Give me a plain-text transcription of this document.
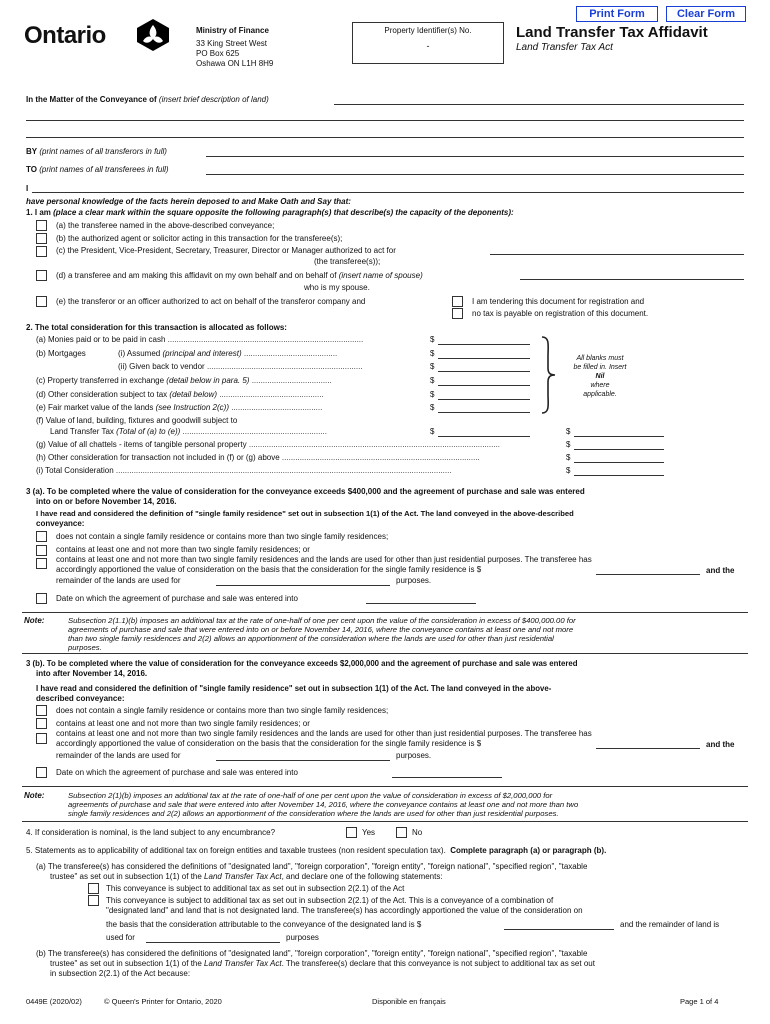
Ontario	Ministry of Finance
33 King Street West
PO Box 625
Oshawa ON L1H 8H9
Property Identifier(s) No.
-
Print Form	Clear Form
Land Transfer Tax Affidavit
Land Transfer Tax Act
In the Matter of the Conveyance of (insert brief description of land)
BY (print names of all transferors in full)
TO (print names of all transferees in full)
I
have personal knowledge of the facts herein deposed to and Make Oath and Say that:
1. I am (place a clear mark within the square opposite the following paragraph(s) that describe(s) the capacity of the deponents):
(a) the transferee named in the above-described conveyance;
(b) the authorized agent or solicitor acting in this transaction for the transferee(s);
(c) the President, Vice-President, Secretary, Treasurer, Director or Manager authorized to act for
(the transferee(s));
(d) a transferee and am making this affidavit on my own behalf and on behalf of (insert name of spouse)
who is my spouse.
(e) the transferor or an officer authorized to act on behalf of the transferor company and	I am tendering this document for registration and
no tax is payable on registration of this document.
2. The total consideration for this transaction is allocated as follows:
(a) Monies paid or to be paid in cash ........................................................................................	$
(b) Mortgages	(i) Assumed (principal and interest) ..........................................	$
(ii) Given back to vendor ......................................................................	$
(c) Property transferred in exchange (detail below in para. 5) ....................................	$
(d) Other consideration subject to tax (detail below) ...............................................	$
(e) Fair market value of the lands (see Instruction 2(c)) .........................................	$
All blanks must
be filled in. Insert
Nil
where
applicable.
(f) Value of land, building, fixtures and goodwill subject to
Land Transfer Tax (Total of (a) to (e)) .................................................................	$	$
(g) Value of all chattels - items of tangible personal property .................................................................................................................	$
(h) Other consideration for transaction not included in (f) or (g) above .........................................................................................	$
(i) Total Consideration .......................................................................................................................................................	$
3 (a). To be completed where the value of consideration for the conveyance exceeds $400,000 and the agreement of purchase and sale was entered
into on or before November 14, 2016.
I have read and considered the definition of "single family residence" set out in subsection 1(1) of the Act. The land conveyed in the above-described
conveyance:
does not contain a single family residence or contains more than two single family residences;
contains at least one and not more than two single family residences; or
contains at least one and not more than two single family residences and the lands are used for other than just residential purposes. The transferee has
accordingly apportioned the value of consideration on the basis that the consideration for the single family residence is $	and the
remainder of the lands are used for	purposes.
Date on which the agreement of purchase and sale was entered into
Note:	Subsection 2(1.1)(b) imposes an additional tax at the rate of one-half of one per cent upon the value of the consideration in excess of $400,000.00 for
agreements of purchase and sale that were entered into on or before November 14, 2016, where the conveyance contains at least one and not more
than two single family residences and 2(2) allows an apportionment of the consideration where the lands are used for other than just residential
purposes.
3 (b). To be completed where the value of consideration for the conveyance exceeds $2,000,000 and the agreement of purchase and sale was entered
into after November 14, 2016.
I have read and considered the definition of "single family residence" set out in subsection 1(1) of the Act. The land conveyed in the above-
described conveyance:
does not contain a single family residence or contains more than two single family residences;
contains at least one and not more than two single family residences; or
contains at least one and not more than two single family residences and the lands are used for other than just residential purposes. The transferee has
accordingly apportioned the value of consideration on the basis that the consideration for the single family residence is $	and the
remainder of the lands are used for	purposes.
Date on which the agreement of purchase and sale was entered into
Note:	Subsection 2(1)(b) imposes an additional tax at the rate of one-half of one per cent upon the value of consideration in excess of $2,000,000 for
agreements of purchase and sale that were entered into after November 14, 2016, where the conveyance contains at least one and not more than two
single family residences and 2(2) allows an apportionment of the consideration where the lands are used for other than just residential purposes.
4. If consideration is nominal, is the land subject to any encumbrance?	Yes	No
5. Statements as to applicability of additional tax on foreign entities and taxable trustees (non resident speculation tax). Complete paragraph (a) or paragraph (b).
(a) The transferee(s) has considered the definitions of "designated land", "foreign corporation", "foreign entity", "foreign national", "specified region", "taxable
trustee" as set out in subsection 1(1) of the Land Transfer Tax Act, and declare one of the following statements:
This conveyance is subject to additional tax as set out in subsection 2(2.1) of the Act
This conveyance is subject to additional tax as set out in subsection 2(2.1) of the Act. This is a conveyance of a combination of
"designated land" and land that is not designated land. The transferee(s) has accordingly apportioned the value of the consideration on
the basis that the consideration attributable to the conveyance of the designated land is $	and the remainder of land is
used for	purposes
(b) The transferee(s) has considered the definitions of "designated land", "foreign corporation", "foreign entity", "foreign national", "specified region", "taxable
trustee" as set out in subsection 1(1) of the Land Transfer Tax Act. The transferee(s) declare that this conveyance is not subject to additional tax as set out
in subsection 2(2.1) of the Act because:
0449E (2020/02)	© Queen's Printer for Ontario, 2020	Disponible en français	Page 1 of 4
